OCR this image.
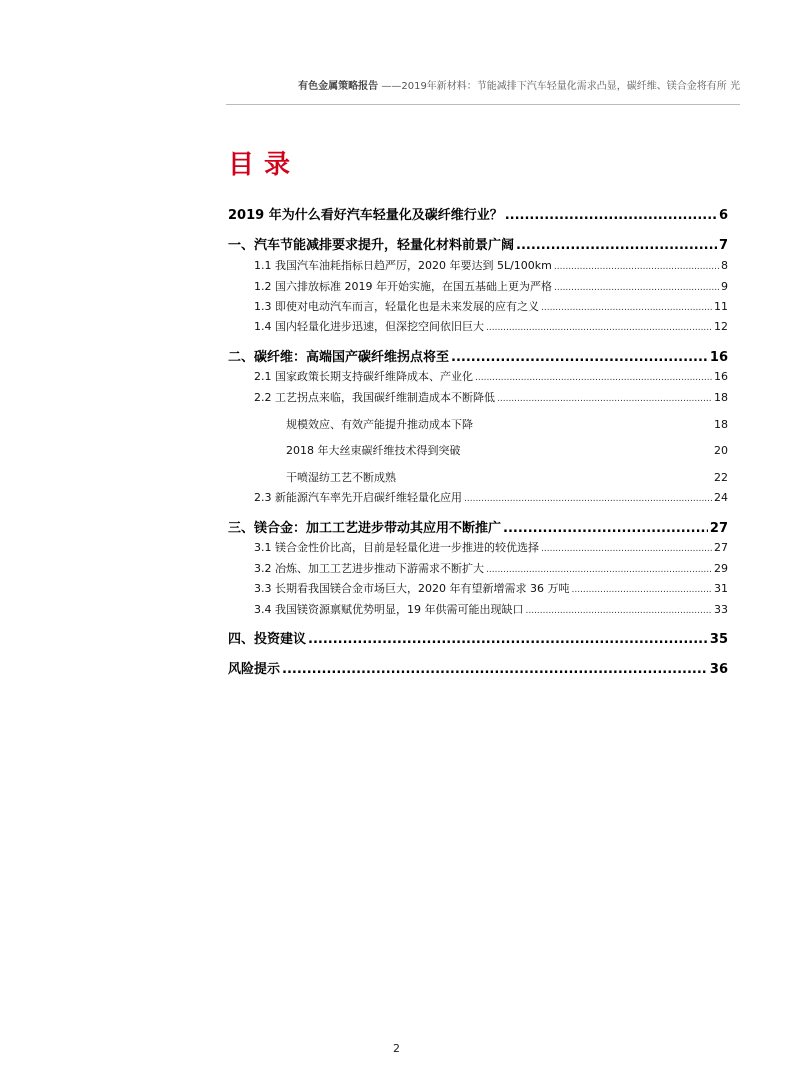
有色金属策略报告 ——2019年新材料：节能减排下汽车轻量化需求凸显，碳纤维、镁合金将有所 光
目录
2019 年为什么看好汽车轻量化及碳纤维行业？ .....	6
一、汽车节能减排要求提升，轻量化材料前景广阔 .....	7
1.1 我国汽车油耗指标日趋严厉，2020 年要达到 5L/100km .....	8
1.2 国六排放标准 2019 年开始实施，在国五基础上更为严格 .....	9
1.3 即使对电动汽车而言，轻量化也是未来发展的应有之义 .....	11
1.4 国内轻量化进步迅速，但深挖空间依旧巨大 .....	12
二、碳纤维：高端国产碳纤维拐点将至 .....	16
2.1 国家政策长期支持碳纤维降成本、产业化 .....	16
2.2 工艺拐点来临，我国碳纤维制造成本不断降低 .....	18
规模效应、有效产能提升推动成本下降	18
2018 年大丝束碳纤维技术得到突破	20
干喷湿纺工艺不断成熟	22
2.3 新能源汽车率先开启碳纤维轻量化应用 .....	24
三、镁合金：加工工艺进步带动其应用不断推广 .....	27
3.1 镁合金性价比高，目前是轻量化进一步推进的较优选择 .....	27
3.2 冶炼、加工工艺进步推动下游需求不断扩大 .....	29
3.3 长期看我国镁合金市场巨大，2020 年有望新增需求 36 万吨 .....	31
3.4 我国镁资源禀赋优势明显，19 年供需可能出现缺口 .....	33
四、投资建议 .....	35
风险提示 .....	36
2
